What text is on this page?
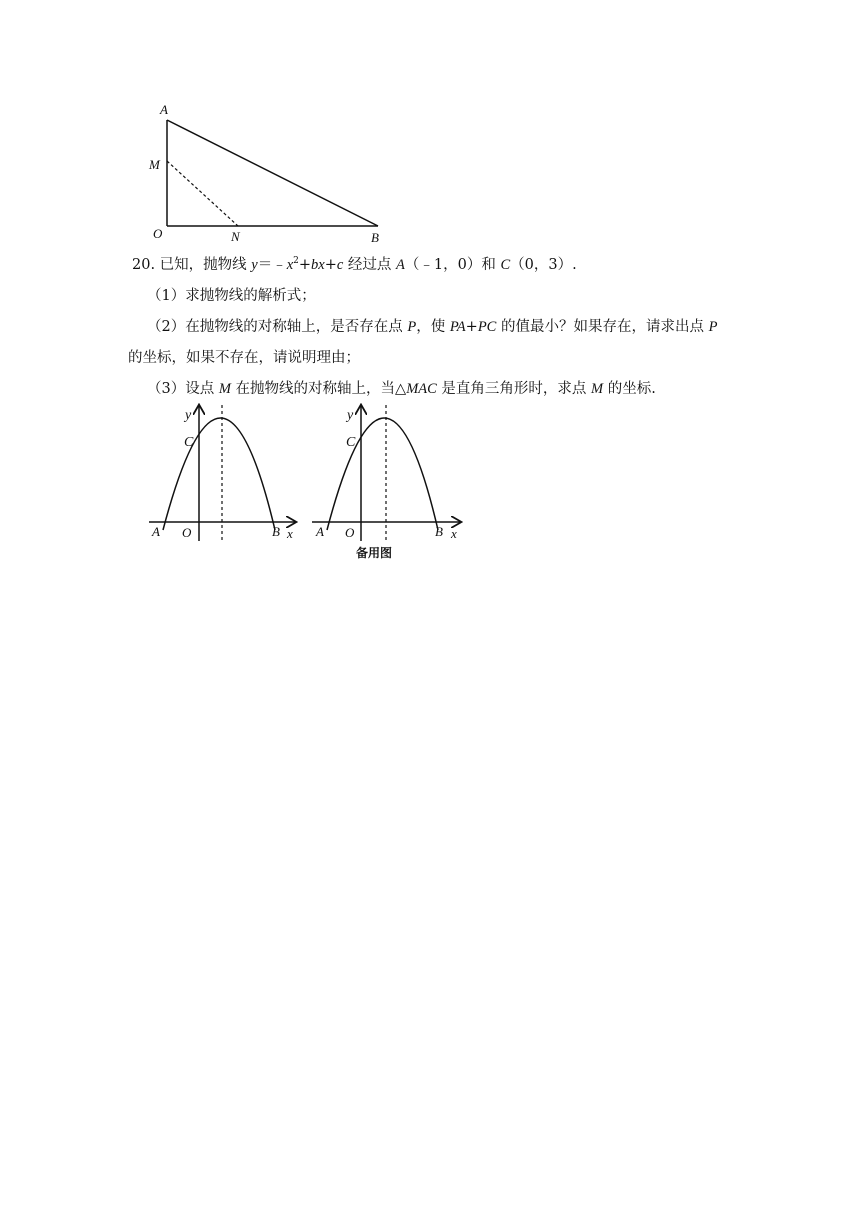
A
M
O	N	B
20. 已知，抛物线 $y=﹣x^2+bx+c$ 经过点 A（﹣1，0）和 C（0，3）.
（1）求抛物线的解析式；
（2）在抛物线的对称轴上，是否存在点 P，使 PA+PC 的值最小？如果存在，请求出点 P
的坐标，如果不存在，请说明理由；
（3）设点 M 在抛物线的对称轴上，当△MAC 是直角三角形时，求点 M 的坐标.
y
C
A O	B x
y
C
A O	B x
备用图
